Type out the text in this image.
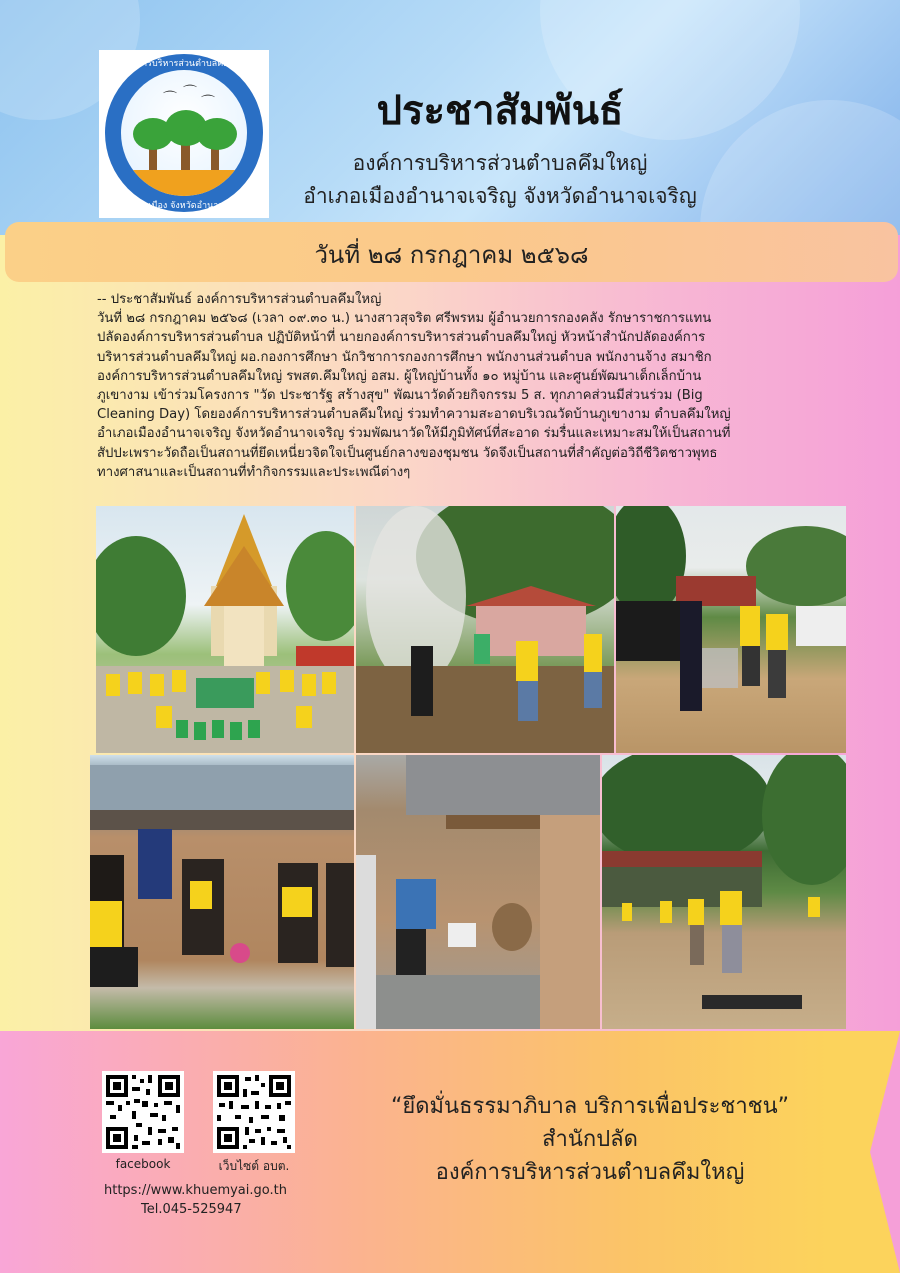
⌒ ⌒
⌒
องค์การบริหารส่วนตำบลคึมใหญ่
อำเภอเมือง จังหวัดอำนาจเจริญ
ประชาสัมพันธ์
องค์การบริหารส่วนตำบลคึมใหญ่
อำเภอเมืองอำนาจเจริญ จังหวัดอำนาจเจริญ
วันที่ ๒๘ กรกฎาคม ๒๕๖๘

-- ประชาสัมพันธ์ องค์การบริหารส่วนตำบลคึมใหญ่

วันที่ ๒๘ กรกฎาคม ๒๕๖๘ (เวลา ๐๙.๓๐ น.) นางสาวสุจริต ศรีพรหม ผู้อำนวยการกองคลัง รักษาราชการแทน

ปลัดองค์การบริหารส่วนตำบล ปฏิบัติหน้าที่ นายกองค์การบริหารส่วนตำบลคึมใหญ่ หัวหน้าสำนักปลัดองค์การ

บริหารส่วนตำบลคึมใหญ่ ผอ.กองการศึกษา นักวิชาการกองการศึกษา พนักงานส่วนตำบล พนักงานจ้าง สมาชิก

องค์การบริหารส่วนตำบลคึมใหญ่ รพสต.คึมใหญ่ อสม. ผู้ใหญ่บ้านทั้ง ๑๐ หมู่บ้าน และศูนย์พัฒนาเด็กเล็กบ้าน

ภูเขางาม เข้าร่วมโครงการ "วัด ประชารัฐ สร้างสุข" พัฒนาวัดด้วยกิจกรรม 5 ส. ทุกภาคส่วนมีส่วนร่วม (Big

Cleaning Day) โดยองค์การบริหารส่วนตำบลคึมใหญ่ ร่วมทำความสะอาดบริเวณวัดบ้านภูเขางาม ตำบลคึมใหญ่

อำเภอเมืองอำนาจเจริญ จังหวัดอำนาจเจริญ ร่วมพัฒนาวัดให้มีภูมิทัศน์ที่สะอาด ร่มรื่นและเหมาะสมให้เป็นสถานที่

สัปปะเพราะวัดถือเป็นสถานที่ยึดเหนี่ยวจิตใจเป็นศูนย์กลางของชุมชน วัดจึงเป็นสถานที่สำคัญต่อวิถีชีวิตชาวพุทธ

ทางศาสนาและเป็นสถานที่ทำกิจกรรมและประเพณีต่างๆ

facebook	เว็บไซต์ อบต.
https://www.khuemyai.go.th
Tel.045-525947
“ยึดมั่นธรรมาภิบาล บริการเพื่อประชาชน”
สำนักปลัด
องค์การบริหารส่วนตำบลคึมใหญ่
